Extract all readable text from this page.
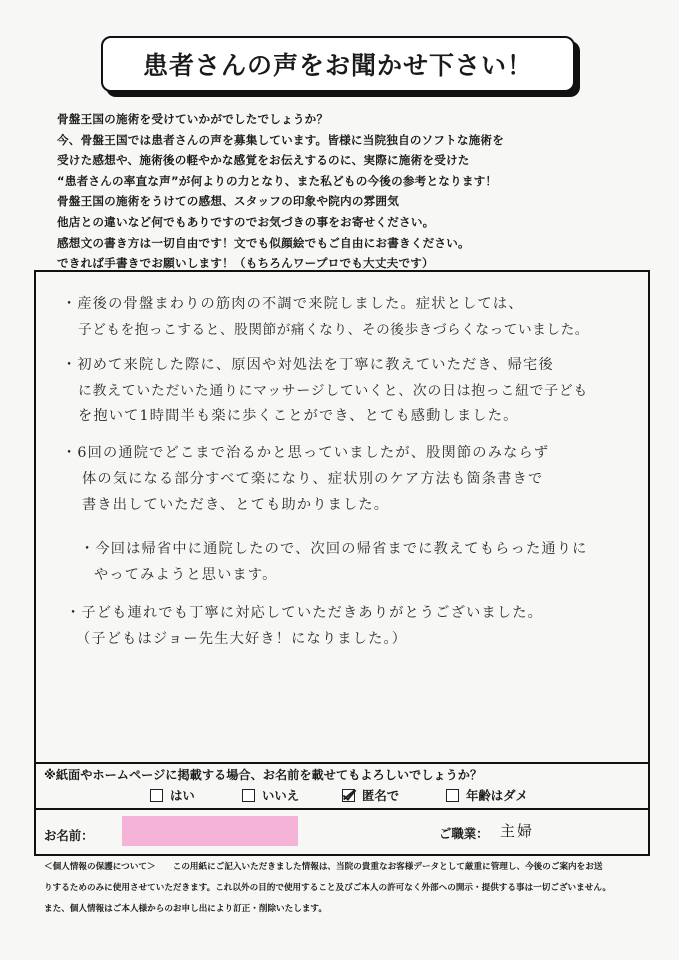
患者さんの声をお聞かせ下さい！
骨盤王国の施術を受けていかがでしたでしょうか？
今、骨盤王国では患者さんの声を募集しています。皆様に当院独自のソフトな施術を
受けた感想や、施術後の軽やかな感覚をお伝えするのに、実際に施術を受けた
“患者さんの率直な声”が何よりの力となり、また私どもの今後の参考となります！
骨盤王国の施術をうけての感想、スタッフの印象や院内の雰囲気
他店との違いなど何でもありですのでお気づきの事をお寄せください。
感想文の書き方は一切自由です！文でも似顔絵でもご自由にお書きください。
できれば手書きでお願いします！（もちろんワープロでも大丈夫です）
・産後の骨盤まわりの筋肉の不調で来院しました。症状としては、
子どもを抱っこすると、股関節が痛くなり、その後歩きづらくなっていました。
・初めて来院した際に、原因や対処法を丁寧に教えていただき、帰宅後
に教えていただいた通りにマッサージしていくと、次の日は抱っこ紐で子ども
を抱いて1時間半も楽に歩くことができ、とても感動しました。
・6回の通院でどこまで治るかと思っていましたが、股関節のみならず
体の気になる部分すべて楽になり、症状別のケア方法も箇条書きで
書き出していただき、とても助かりました。
・今回は帰省中に通院したので、次回の帰省までに教えてもらった通りに
やってみようと思います。
・子ども連れでも丁寧に対応していただきありがとうございました。
（子どもはジョー先生大好き！になりました。）
※紙面やホームページに掲載する場合、お名前を載せてもよろしいでしょうか？
はい	いいえ	匿名で	年齢はダメ
お名前：	ご職業： 主婦
＜個人情報の保護について＞　　この用紙にご記入いただきました情報は、当院の貴重なお客様データとして厳重に管理し、今後のご案内をお送
りするためのみに使用させていただきます。これ以外の目的で使用すること及びご本人の許可なく外部への開示・提供する事は一切ございません。
また、個人情報はご本人様からのお申し出により訂正・削除いたします。
